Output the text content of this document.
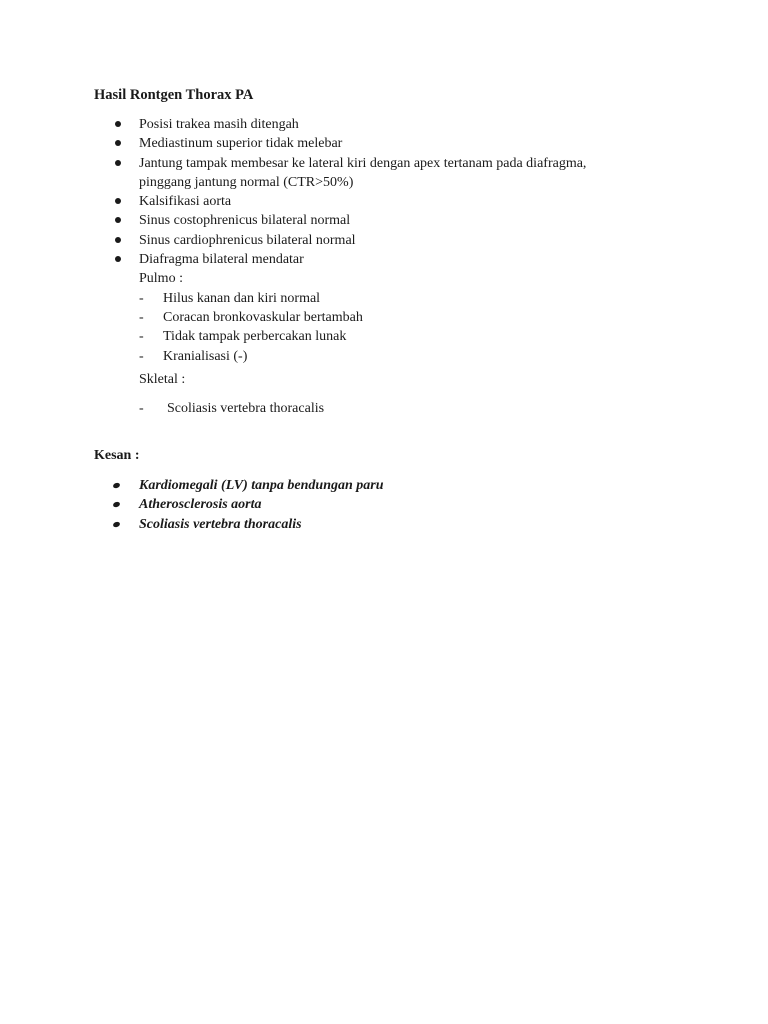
Hasil Rontgen Thorax PA
Posisi trakea masih ditengah
Mediastinum superior tidak melebar
Jantung tampak membesar ke lateral kiri dengan apex tertanam pada diafragma,
pinggang jantung normal (CTR>50%)
Kalsifikasi aorta
Sinus costophrenicus bilateral normal
Sinus cardiophrenicus bilateral normal
Diafragma bilateral mendatar
Pulmo :
- Hilus kanan dan kiri normal
- Coracan bronkovaskular bertambah
- Tidak tampak perbercakan lunak
- Kranialisasi (-)
Skletal :
- Scoliasis vertebra thoracalis
Kesan :
Kardiomegali (LV) tanpa bendungan paru
Atherosclerosis aorta
Scoliasis vertebra thoracalis
